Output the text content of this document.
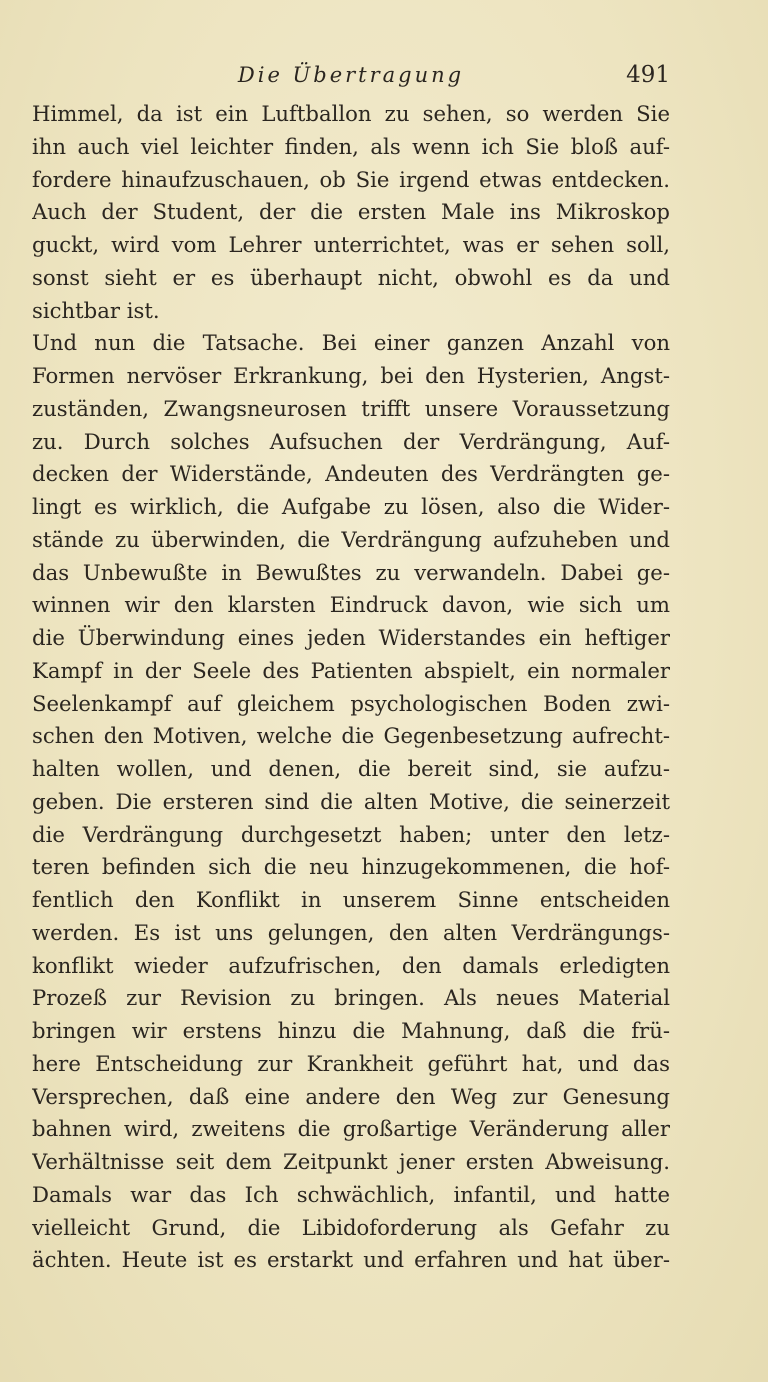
Die Übertragung	491
Himmel, da ist ein Luftballon zu sehen, so werden Sie
ihn auch viel leichter finden, als wenn ich Sie bloß auf-
fordere hinaufzuschauen, ob Sie irgend etwas entdecken.
Auch der Student, der die ersten Male ins Mikroskop
guckt, wird vom Lehrer unterrichtet, was er sehen soll,
sonst sieht er es überhaupt nicht, obwohl es da und
sichtbar ist.
Und nun die Tatsache. Bei einer ganzen Anzahl von
Formen nervöser Erkrankung, bei den Hysterien, Angst-
zuständen, Zwangsneurosen trifft unsere Voraussetzung
zu. Durch solches Aufsuchen der Verdrängung, Auf-
decken der Widerstände, Andeuten des Verdrängten ge-
lingt es wirklich, die Aufgabe zu lösen, also die Wider-
stände zu überwinden, die Verdrängung aufzuheben und
das Unbewußte in Bewußtes zu verwandeln. Dabei ge-
winnen wir den klarsten Eindruck davon, wie sich um
die Überwindung eines jeden Widerstandes ein heftiger
Kampf in der Seele des Patienten abspielt, ein normaler
Seelenkampf auf gleichem psychologischen Boden zwi-
schen den Motiven, welche die Gegenbesetzung aufrecht-
halten wollen, und denen, die bereit sind, sie aufzu-
geben. Die ersteren sind die alten Motive, die seinerzeit
die Verdrängung durchgesetzt haben; unter den letz-
teren befinden sich die neu hinzugekommenen, die hof-
fentlich den Konflikt in unserem Sinne entscheiden
werden. Es ist uns gelungen, den alten Verdrängungs-
konflikt wieder aufzufrischen, den damals erledigten
Prozeß zur Revision zu bringen. Als neues Material
bringen wir erstens hinzu die Mahnung, daß die frü-
here Entscheidung zur Krankheit geführt hat, und das
Versprechen, daß eine andere den Weg zur Genesung
bahnen wird, zweitens die großartige Veränderung aller
Verhältnisse seit dem Zeitpunkt jener ersten Abweisung.
Damals war das Ich schwächlich, infantil, und hatte
vielleicht Grund, die Libidoforderung als Gefahr zu
ächten. Heute ist es erstarkt und erfahren und hat über-
